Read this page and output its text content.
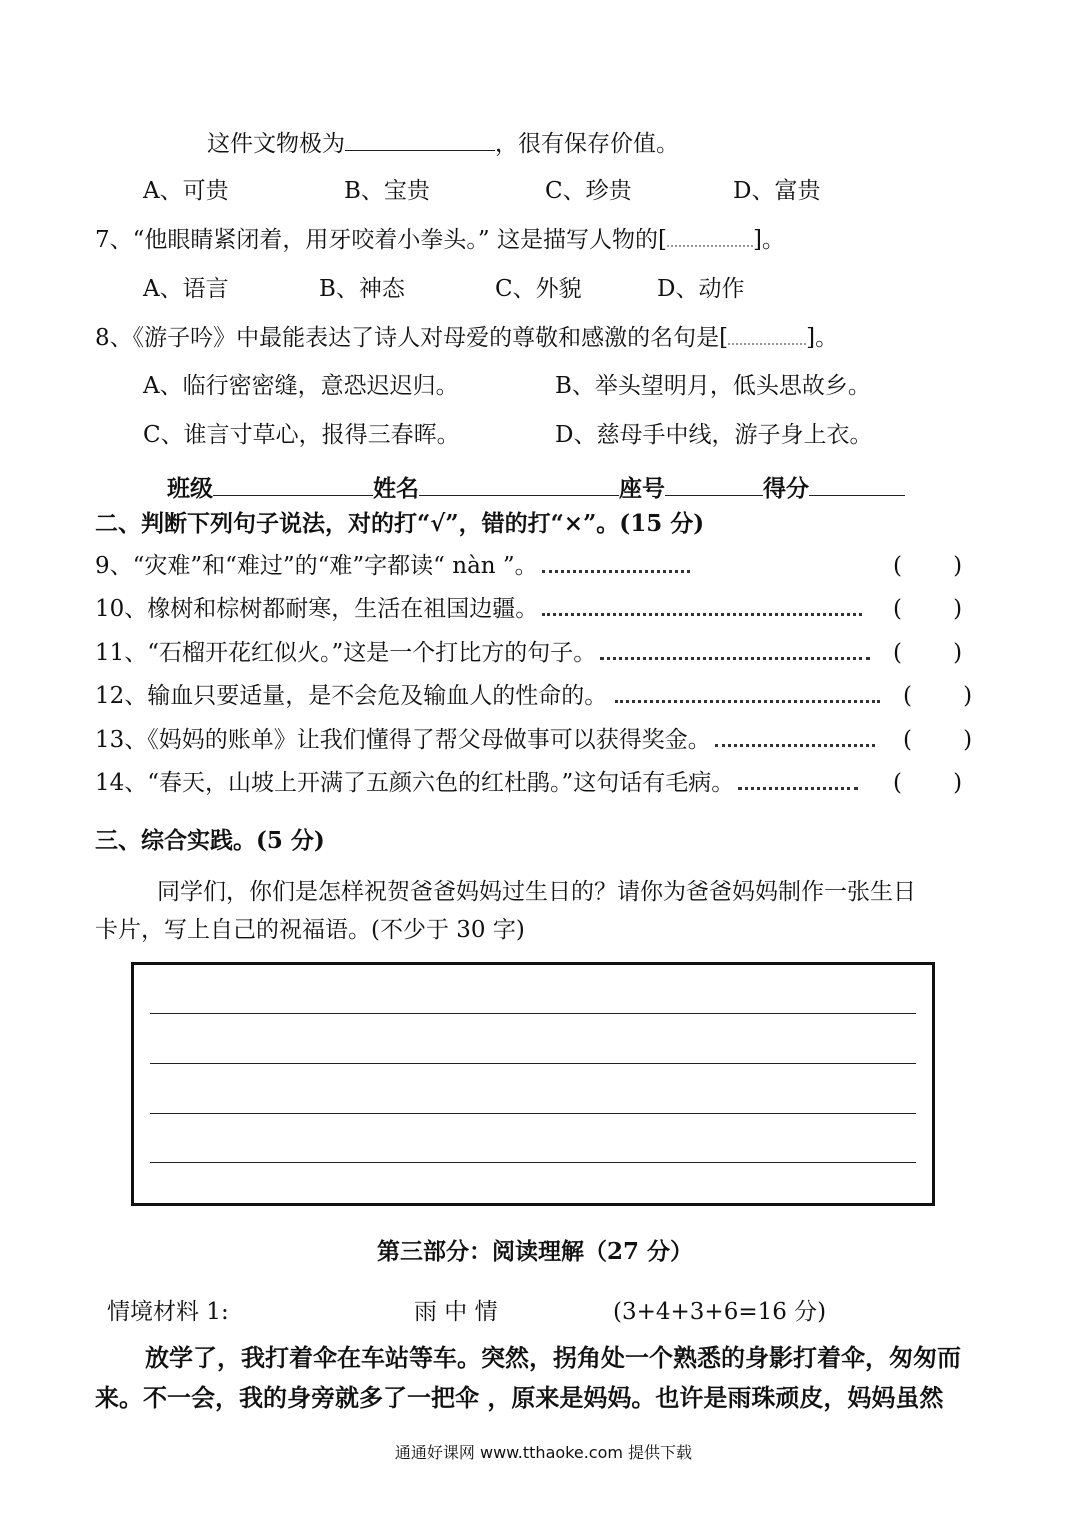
这件文物极为	，很有保存价值。
A、可贵	B、宝贵	C、珍贵	D、富贵
7、“他眼睛紧闭着，用牙咬着小拳头。” 这是描写人物的[	]。
A、语言	B、神态	C、外貌	D、动作
8、《游子吟》中最能表达了诗人对母爱的尊敬和感激的名句是[	]。
A、临行密密缝，意恐迟迟归。	B、举头望明月，低头思故乡。
C、谁言寸草心，报得三春晖。	D、慈母手中线，游子身上衣。
班级	姓名	座号	得分
二、判断下列句子说法，对的打“√”，错的打“×”。(15 分)
9、“灾难”和“难过”的“难”字都读“ nàn ”。	(       )
10、橡树和棕树都耐寒，生活在祖国边疆。	(       )
11、“石榴开花红似火。”这是一个打比方的句子。	(       )
12、输血只要适量，是不会危及输血人的性命的。	(       )
13、《妈妈的账单》让我们懂得了帮父母做事可以获得奖金。	(       )
14、“春天，山坡上开满了五颜六色的红杜鹃。”这句话有毛病。	(       )
三、综合实践。(5 分)
同学们，你们是怎样祝贺爸爸妈妈过生日的？请你为爸爸妈妈制作一张生日
卡片，写上自己的祝福语。(不少于 30 字)
第三部分：阅读理解（27 分）
情境材料 1:	雨 中 情	(3+4+3+6=16 分)
放学了，我打着伞在车站等车。突然，拐角处一个熟悉的身影打着伞，匆匆而
来。不一会，我的身旁就多了一把伞 ，原来是妈妈。也许是雨珠顽皮，妈妈虽然
通通好课网 www.tthaoke.com 提供下载
